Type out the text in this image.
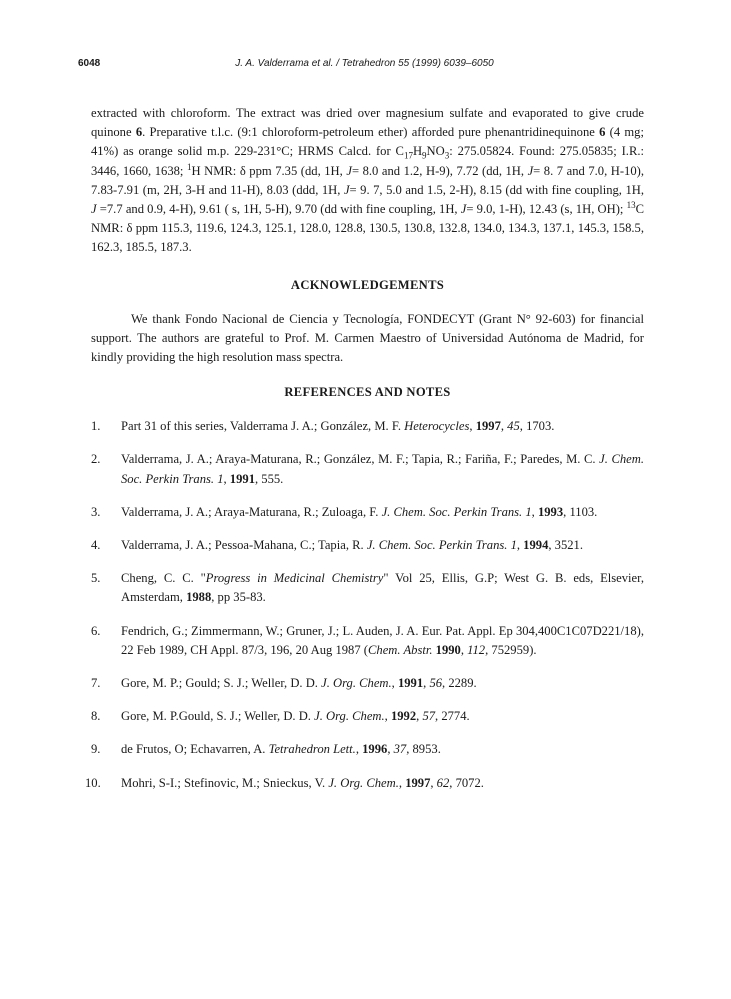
6048	J. A. Valderrama et al. / Tetrahedron 55 (1999) 6039–6050

extracted with chloroform. The extract was dried over magnesium sulfate and evaporated to give crude quinone 6. Preparative t.l.c. (9:1 chloroform-petroleum ether) afforded pure phenantridinequinone 6 (4 mg; 41%) as orange solid m.p. 229-231°C; HRMS Calcd. for $C_{17}H_9NO_3$: 275.05824. Found: 275.05835; I.R.: 3446, 1660, 1638; $^1$H NMR: δ ppm 7.35 (dd, 1H, J= 8.0 and 1.2, H-9), 7.72 (dd, 1H, J= 8. 7 and 7.0, H-10), 7.83-7.91 (m, 2H, 3-H and 11-H), 8.03 (ddd, 1H, J= 9. 7, 5.0 and 1.5, 2-H), 8.15 (dd with fine coupling, 1H, J =7.7 and 0.9, 4-H), 9.61 ( s, 1H, 5-H), 9.70 (dd with fine coupling, 1H, J= 9.0, 1-H), 12.43 (s, 1H, OH); $^{13}$C NMR: δ ppm 115.3, 119.6, 124.3, 125.1, 128.0, 128.8, 130.5, 130.8, 132.8, 134.0, 134.3, 137.1, 145.3, 158.5, 162.3, 185.5, 187.3.

ACKNOWLEDGEMENTS

We thank Fondo Nacional de Ciencia y Tecnología, FONDECYT (Grant N° 92-603) for financial support. The authors are grateful to Prof. M. Carmen Maestro of Universidad Autónoma de Madrid, for kindly providing the high resolution mass spectra.

REFERENCES AND NOTES
1.	Part 31 of this series, Valderrama J. A.; González, M. F. Heterocycles, 1997, 45, 1703.
2.	Valderrama, J. A.; Araya-Maturana, R.; González, M. F.; Tapia, R.; Fariña, F.; Paredes, M. C. J. Chem. Soc. Perkin Trans. 1, 1991, 555.
3.	Valderrama, J. A.; Araya-Maturana, R.; Zuloaga, F. J. Chem. Soc. Perkin Trans. 1, 1993, 1103.
4.	Valderrama, J. A.; Pessoa-Mahana, C.; Tapia, R. J. Chem. Soc. Perkin Trans. 1, 1994, 3521.
5.	Cheng, C. C. "Progress in Medicinal Chemistry" Vol 25, Ellis, G.P; West G. B. eds, Elsevier, Amsterdam, 1988, pp 35-83.
6.	Fendrich, G.; Zimmermann, W.; Gruner, J.; L. Auden, J. A. Eur. Pat. Appl. Ep 304,400C1C07D221/18), 22 Feb 1989, CH Appl. 87/3, 196, 20 Aug 1987 (Chem. Abstr. 1990, 112, 752959).
7.	Gore, M. P.; Gould; S. J.; Weller, D. D. J. Org. Chem., 1991, 56, 2289.
8.	Gore, M. P.Gould, S. J.; Weller, D. D. J. Org. Chem., 1992, 57, 2774.
9.	de Frutos, O; Echavarren, A. Tetrahedron Lett., 1996, 37, 8953.
10.	Mohri, S-I.; Stefinovic, M.; Snieckus, V. J. Org. Chem., 1997, 62, 7072.
